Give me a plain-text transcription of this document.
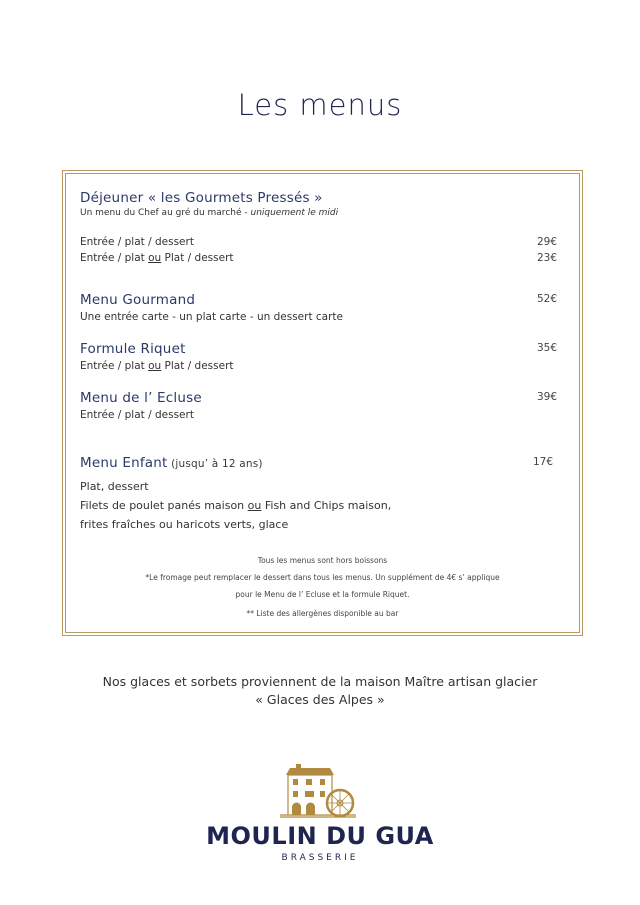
Les menus
Déjeuner « les Gourmets Pressés »
Un menu du Chef au gré du marché - uniquement le midi
Entrée / plat / dessert	29€
Entrée / plat ou Plat / dessert	23€
Menu Gourmand	52€
Une entrée carte - un plat carte - un dessert carte
Formule Riquet	35€
Entrée / plat ou Plat / dessert
Menu de l’ Ecluse	39€
Entrée / plat / dessert
Menu Enfant (jusqu’ à 12 ans)	17€
Plat, dessert
Filets de poulet panés maison ou Fish and Chips maison,
frites fraîches ou haricots verts, glace
Tous les menus sont hors boissons
*Le fromage peut remplacer le dessert dans tous les menus. Un supplément de 4€ s’ applique
pour le Menu de l’ Ecluse et la formule Riquet.
** Liste des allergènes disponible au bar
Nos glaces et sorbets proviennent de la maison Maître artisan glacier
« Glaces des Alpes »
MOULIN DU GUA
BRASSERIE
